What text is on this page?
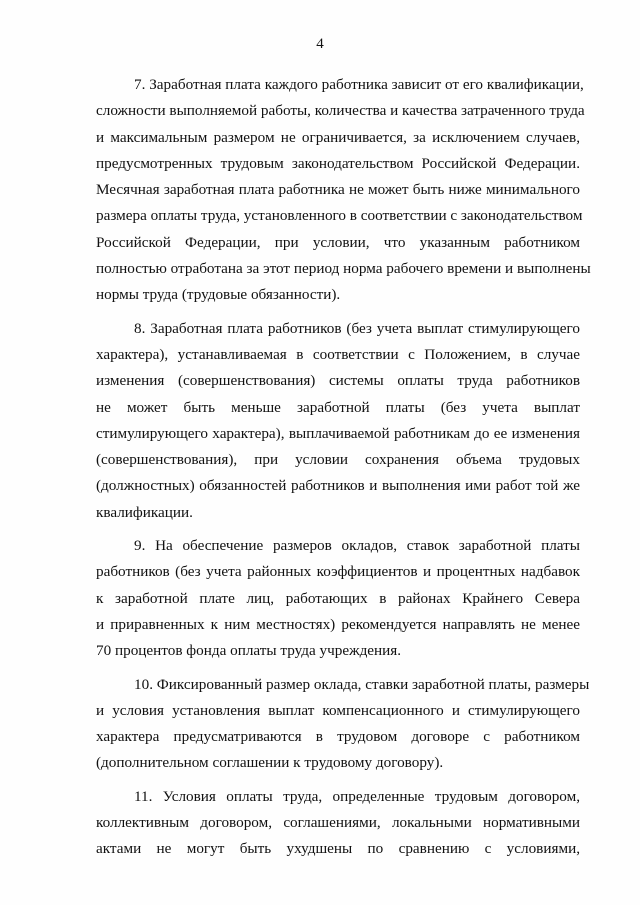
4
7. Заработная плата каждого работника зависит от его квалификации,
сложности выполняемой работы, количества и качества затраченного труда
и максимальным размером не ограничивается, за исключением случаев,
предусмотренных трудовым законодательством Российской Федерации.
Месячная заработная плата работника не может быть ниже минимального
размера оплаты труда, установленного в соответствии с законодательством
Российской Федерации, при условии, что указанным работником
полностью отработана за этот период норма рабочего времени и выполнены
нормы труда (трудовые обязанности).
8. Заработная плата работников (без учета выплат стимулирующего
характера), устанавливаемая в соответствии с Положением, в случае
изменения (совершенствования) системы оплаты труда работников
не может быть меньше заработной платы (без учета выплат
стимулирующего характера), выплачиваемой работникам до ее изменения
(совершенствования), при условии сохранения объема трудовых
(должностных) обязанностей работников и выполнения ими работ той же
квалификации.
9. На обеспечение размеров окладов, ставок заработной платы
работников (без учета районных коэффициентов и процентных надбавок
к заработной плате лиц, работающих в районах Крайнего Севера
и приравненных к ним местностях) рекомендуется направлять не менее
70 процентов фонда оплаты труда учреждения.
10. Фиксированный размер оклада, ставки заработной платы, размеры
и условия установления выплат компенсационного и стимулирующего
характера предусматриваются в трудовом договоре с работником
(дополнительном соглашении к трудовому договору).
11. Условия оплаты труда, определенные трудовым договором,
коллективным договором, соглашениями, локальными нормативными
актами не могут быть ухудшены по сравнению с условиями,
